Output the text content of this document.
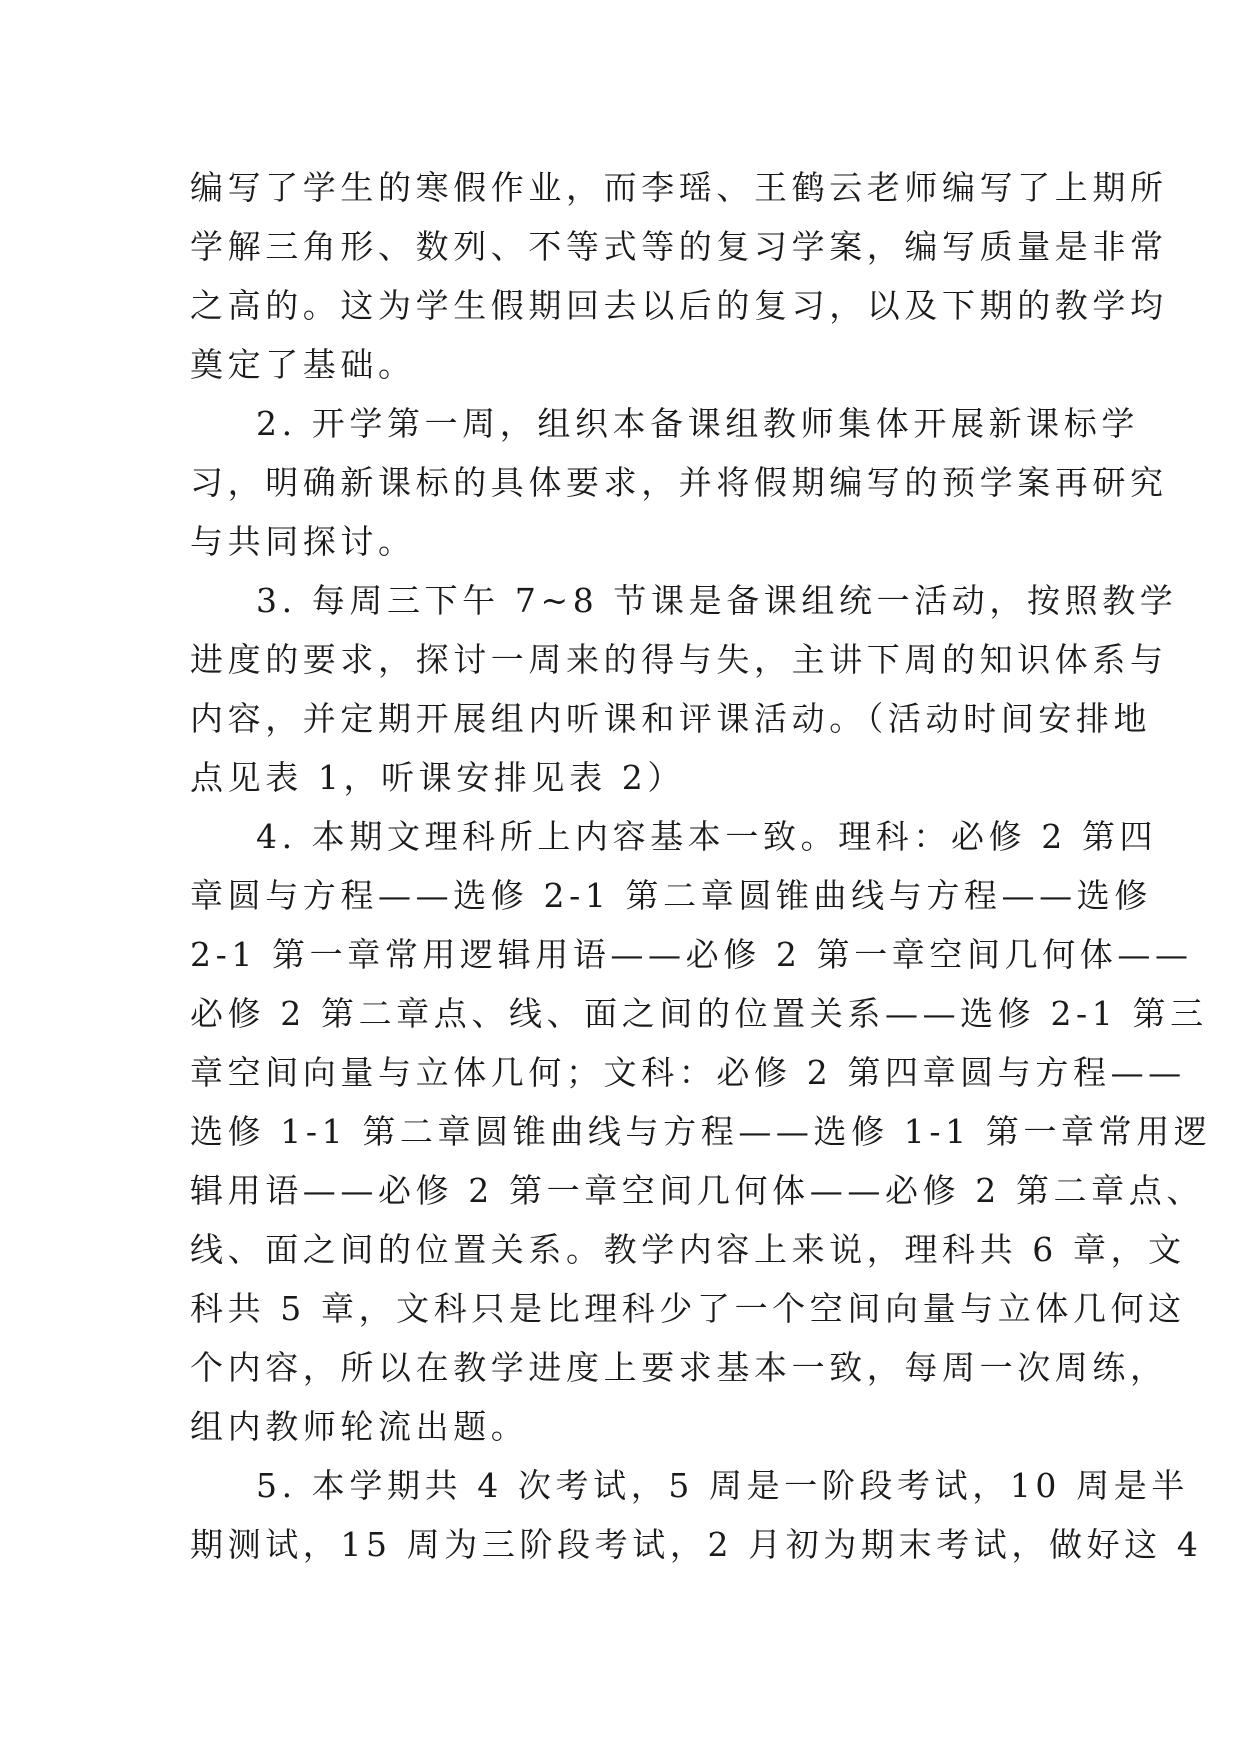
编写了学生的寒假作业，而李瑶、王鹤云老师编写了上期所
学解三角形、数列、不等式等的复习学案，编写质量是非常
之高的。这为学生假期回去以后的复习，以及下期的教学均
奠定了基础。

2. 开学第一周，组织本备课组教师集体开展新课标学
习，明确新课标的具体要求，并将假期编写的预学案再研究
与共同探讨。

3. 每周三下午 7~8 节课是备课组统一活动，按照教学
进度的要求，探讨一周来的得与失，主讲下周的知识体系与
内容，并定期开展组内听课和评课活动。（活动时间安排地
点见表 1，听课安排见表 2）

4. 本期文理科所上内容基本一致。理科：必修 2 第四
章圆与方程——选修 2-1 第二章圆锥曲线与方程——选修
2-1 第一章常用逻辑用语——必修 2 第一章空间几何体——
必修 2 第二章点、线、面之间的位置关系——选修 2-1 第三
章空间向量与立体几何；文科：必修 2 第四章圆与方程——
选修 1-1 第二章圆锥曲线与方程——选修 1-1 第一章常用逻
辑用语——必修 2 第一章空间几何体——必修 2 第二章点、
线、面之间的位置关系。教学内容上来说，理科共 6 章，文
科共 5 章，文科只是比理科少了一个空间向量与立体几何这
个内容，所以在教学进度上要求基本一致，每周一次周练，
组内教师轮流出题。

5. 本学期共 4 次考试，5 周是一阶段考试，10 周是半
期测试，15 周为三阶段考试，2 月初为期末考试，做好这 4
